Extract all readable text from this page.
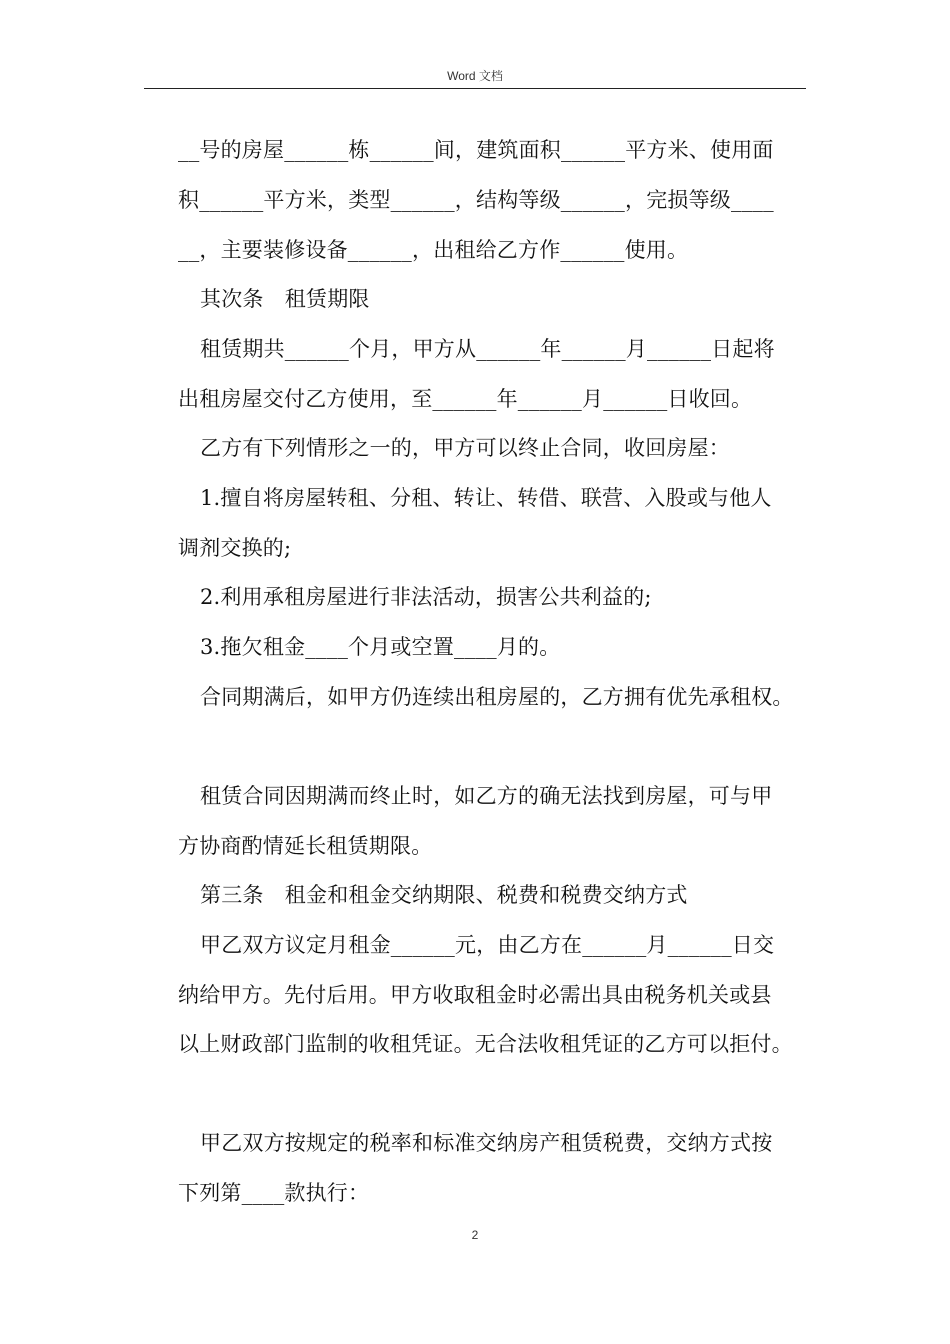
Word 文档
__号的房屋______栋______间，建筑面积______平方米、使用面
积______平方米，类型______，结构等级______，完损等级____
__，主要装修设备______，出租给乙方作______使用。
其次条　租赁期限
租赁期共______个月，甲方从______年______月______日起将
出租房屋交付乙方使用，至______年______月______日收回。
乙方有下列情形之一的，甲方可以终止合同，收回房屋：
1.擅自将房屋转租、分租、转让、转借、联营、入股或与他人
调剂交换的;
2.利用承租房屋进行非法活动，损害公共利益的;
3.拖欠租金____个月或空置____月的。
合同期满后，如甲方仍连续出租房屋的，乙方拥有优先承租权。
租赁合同因期满而终止时，如乙方的确无法找到房屋，可与甲
方协商酌情延长租赁期限。
第三条　租金和租金交纳期限、税费和税费交纳方式
甲乙双方议定月租金______元，由乙方在______月______日交
纳给甲方。先付后用。甲方收取租金时必需出具由税务机关或县
以上财政部门监制的收租凭证。无合法收租凭证的乙方可以拒付。
甲乙双方按规定的税率和标准交纳房产租赁税费，交纳方式按
下列第____款执行：
2
